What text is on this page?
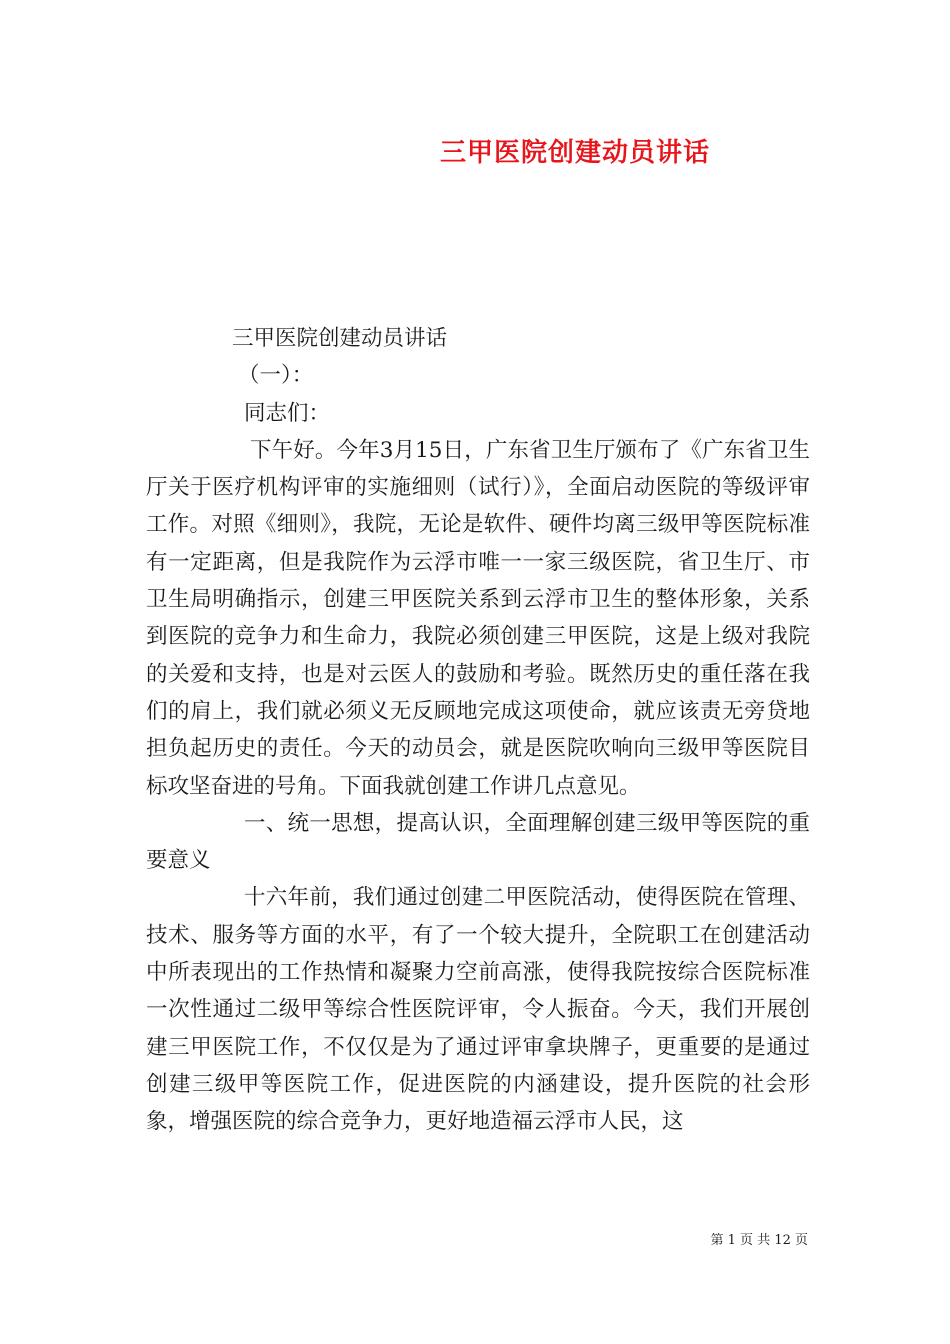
三甲医院创建动员讲话
三甲医院创建动员讲话
（一）：
同志们：
下午好。今年3月15日，广东省卫生厅颁布了《广东省卫生厅关于医疗机构评审的实施细则（试行）》，全面启动医院的等级评审工作。对照《细则》，我院，无论是软件、硬件均离三级甲等医院标准有一定距离，但是我院作为云浮市唯一一家三级医院，省卫生厅、市卫生局明确指示，创建三甲医院关系到云浮市卫生的整体形象，关系到医院的竞争力和生命力，我院必须创建三甲医院，这是上级对我院的关爱和支持，也是对云医人的鼓励和考验。既然历史的重任落在我们的肩上，我们就必须义无反顾地完成这项使命，就应该责无旁贷地担负起历史的责任。今天的动员会，就是医院吹响向三级甲等医院目标攻坚奋进的号角。下面我就创建工作讲几点意见。
一、统一思想，提高认识，全面理解创建三级甲等医院的重要意义
十六年前，我们通过创建二甲医院活动，使得医院在管理、技术、服务等方面的水平，有了一个较大提升，全院职工在创建活动中所表现出的工作热情和凝聚力空前高涨，使得我院按综合医院标准一次性通过二级甲等综合性医院评审，令人振奋。今天，我们开展创建三甲医院工作，不仅仅是为了通过评审拿块牌子，更重要的是通过创建三级甲等医院工作，促进医院的内涵建设，提升医院的社会形象，增强医院的综合竞争力，更好地造福云浮市人民，这
第 1 页 共 12 页
